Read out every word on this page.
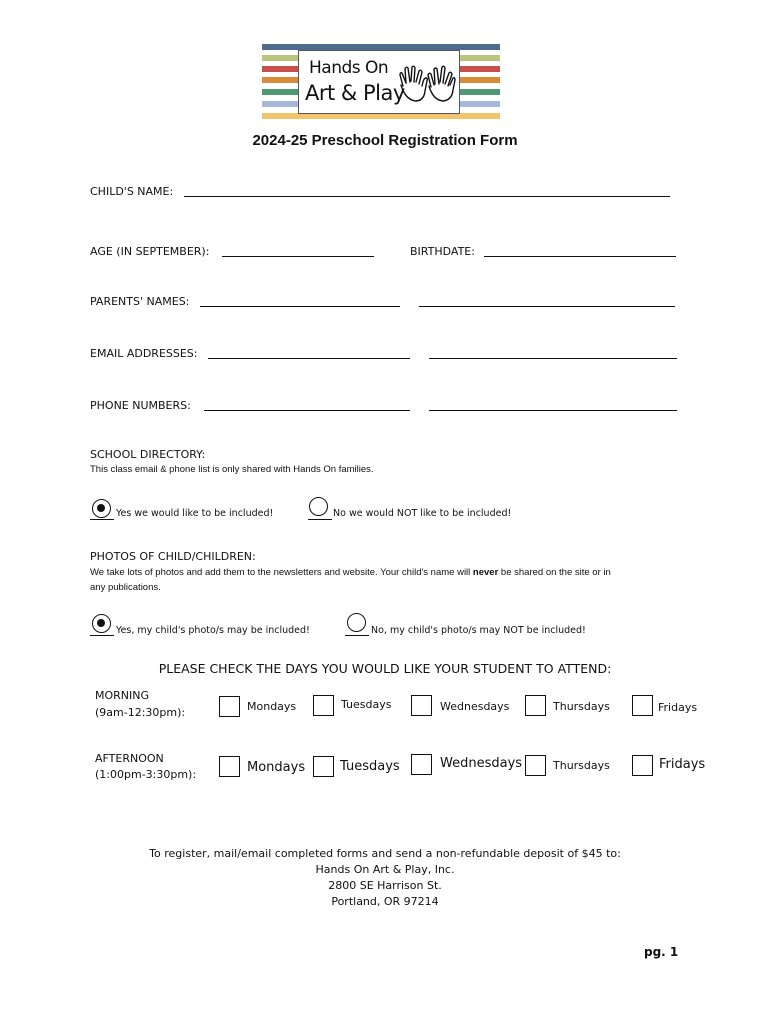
Hands On
Art & Play
2024-25 Preschool Registration Form
CHILD'S NAME:
AGE (IN SEPTEMBER):	BIRTHDATE:
PARENTS' NAMES:
EMAIL ADDRESSES:
PHONE NUMBERS:
SCHOOL DIRECTORY:
This class email & phone list is only shared with Hands On families.
Yes we would like to be included!	No we would NOT like to be included!
PHOTOS OF CHILD/CHILDREN:
We take lots of photos and add them to the newsletters and website. Your child's name will never be shared on the site or in
any publications.
Yes, my child's photo/s may be included!	No, my child's photo/s may NOT be included!
PLEASE CHECK THE DAYS YOU WOULD LIKE YOUR STUDENT TO ATTEND:
MORNING
(9am-12:30pm):	Mondays	Tuesdays	Wednesdays	Thursdays	Fridays
AFTERNOON
(1:00pm-3:30pm):	Mondays	Tuesdays	Wednesdays	Thursdays	Fridays
To register, mail/email completed forms and send a non-refundable deposit of $45 to:
Hands On Art & Play, Inc.
2800 SE Harrison St.
Portland, OR 97214
pg. 1
